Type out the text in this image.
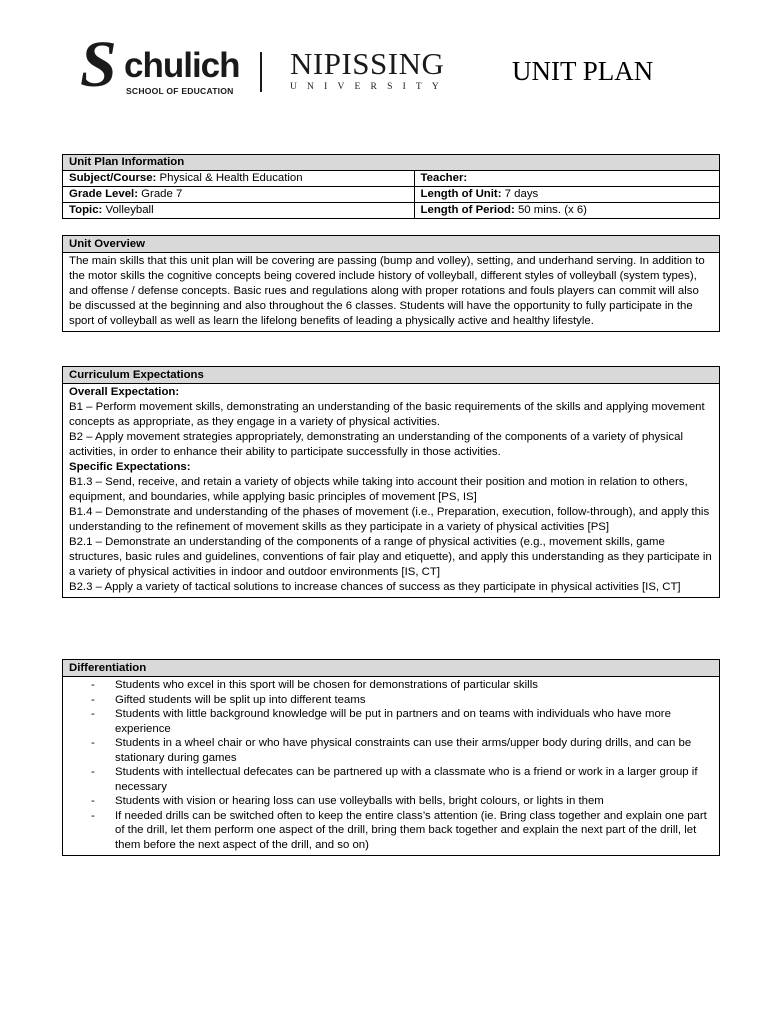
S chulich
SCHOOL OF EDUCATION
NIPISSING
UNIVERSITY
UNIT PLAN
Unit Plan Information	
Subject/Course: Physical & Health Education	Teacher:
Grade Level: Grade 7	Length of Unit: 7 days
Topic: Volleyball	Length of Period: 50 mins. (x 6)
Unit Overview

The main skills that this unit plan will be covering are passing (bump and volley), setting, and underhand serving. In addition to the motor skills the cognitive concepts being covered include history of volleyball, different styles of volleyball (system types), and offense / defense concepts. Basic rues and regulations along with proper rotations and fouls players can commit will also be discussed at the beginning and also throughout the 6 classes. Students will have the opportunity to fully participate in the sport of volleyball as well as learn the lifelong benefits of leading a physically active and healthy lifestyle.

Curriculum Expectations

Overall Expectation:

B1 – Perform movement skills, demonstrating an understanding of the basic requirements of the skills and applying movement concepts as appropriate, as they engage in a variety of physical activities.

B2 – Apply movement strategies appropriately, demonstrating an understanding of the components of a variety of physical activities, in order to enhance their ability to participate successfully in those activities.

Specific Expectations:

B1.3 – Send, receive, and retain a variety of objects while taking into account their position and motion in relation to others, equipment, and boundaries, while applying basic principles of movement [PS, IS]

B1.4 – Demonstrate and understanding of the phases of movement (i.e., Preparation, execution, follow-through), and apply this understanding to the refinement of movement skills as they participate in a variety of physical activities [PS]

B2.1 – Demonstrate an understanding of the components of a range of physical activities (e.g., movement skills, game structures, basic rules and guidelines, conventions of fair play and etiquette), and apply this understanding as they participate in a variety of physical activities in indoor and outdoor environments [IS, CT]

B2.3 – Apply a variety of tactical solutions to increase chances of success as they participate in physical activities [IS, CT]

Differentiation
- Students who excel in this sport will be chosen for demonstrations of particular skills
- Gifted students will be split up into different teams
- Students with little background knowledge will be put in partners and on teams with individuals who have more experience
- Students in a wheel chair or who have physical constraints can use their arms/upper body during drills, and can be stationary during games
- Students with intellectual defecates can be partnered up with a classmate who is a friend or work in a larger group if necessary
- Students with vision or hearing loss can use volleyballs with bells, bright colours, or lights in them
- If needed drills can be switched often to keep the entire class’s attention (ie. Bring class together and explain one part of the drill, let them perform one aspect of the drill, bring them back together and explain the next part of the drill, let them before the next aspect of the drill, and so on)
